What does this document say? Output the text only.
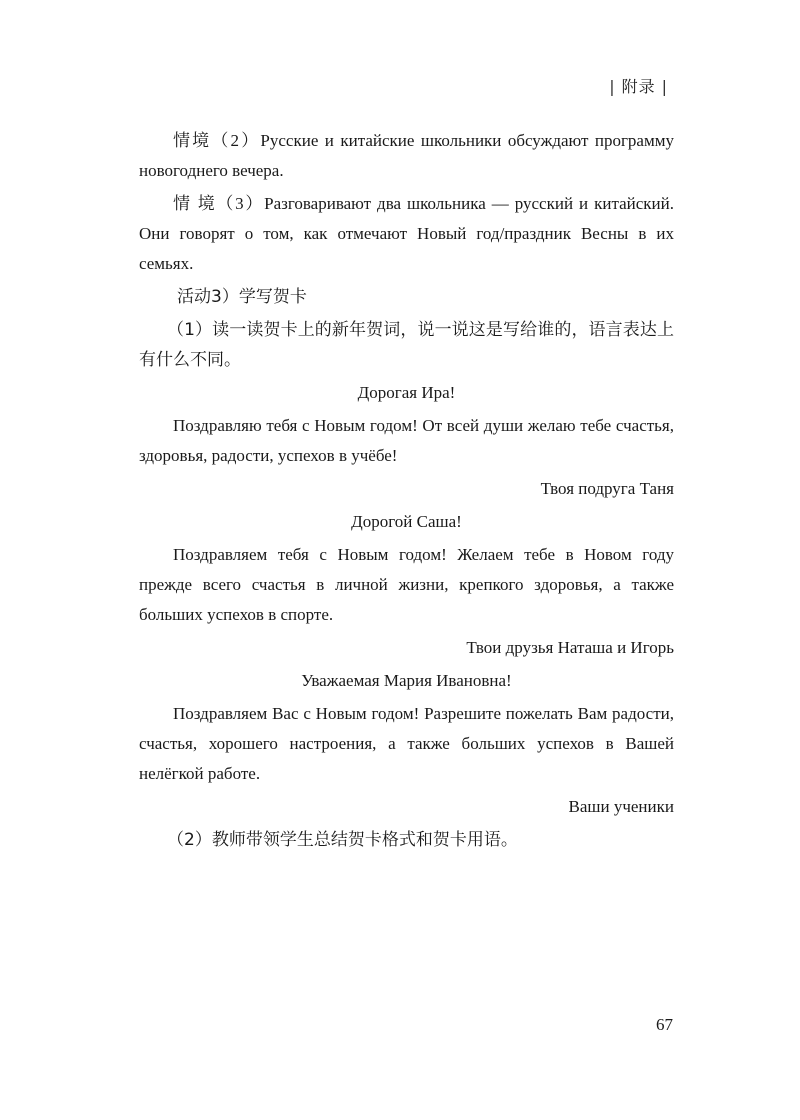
| 附录 |

情境（2）Русские и китайские школьники обсуждают программу новогоднего вечера.

情 境（3）Разговаривают два школьника — русский и китайский. Они говорят о том, как отмечают Новый год/праздник Весны в их семьях.

活动3）学写贺卡

（1）读一读贺卡上的新年贺词，说一说这是写给谁的，语言表达上有什么不同。

Дорогая Ира!

Поздравляю тебя с Новым годом! От всей души желаю тебе счастья, здоровья, радости, успехов в учёбе!

Твоя подруга Таня

Дорогой Саша!

Поздравляем тебя с Новым годом! Желаем тебе в Новом году прежде всего счастья в личной жизни, крепкого здоровья, а также больших успехов в спорте.

Твои друзья Наташа и Игорь

Уважаемая Мария Ивановна!

Поздравляем Вас с Новым годом! Разрешите пожелать Вам радости, счастья, хорошего настроения, а также больших успехов в Вашей нелёгкой работе.

Ваши ученики

（2）教师带领学生总结贺卡格式和贺卡用语。

67
